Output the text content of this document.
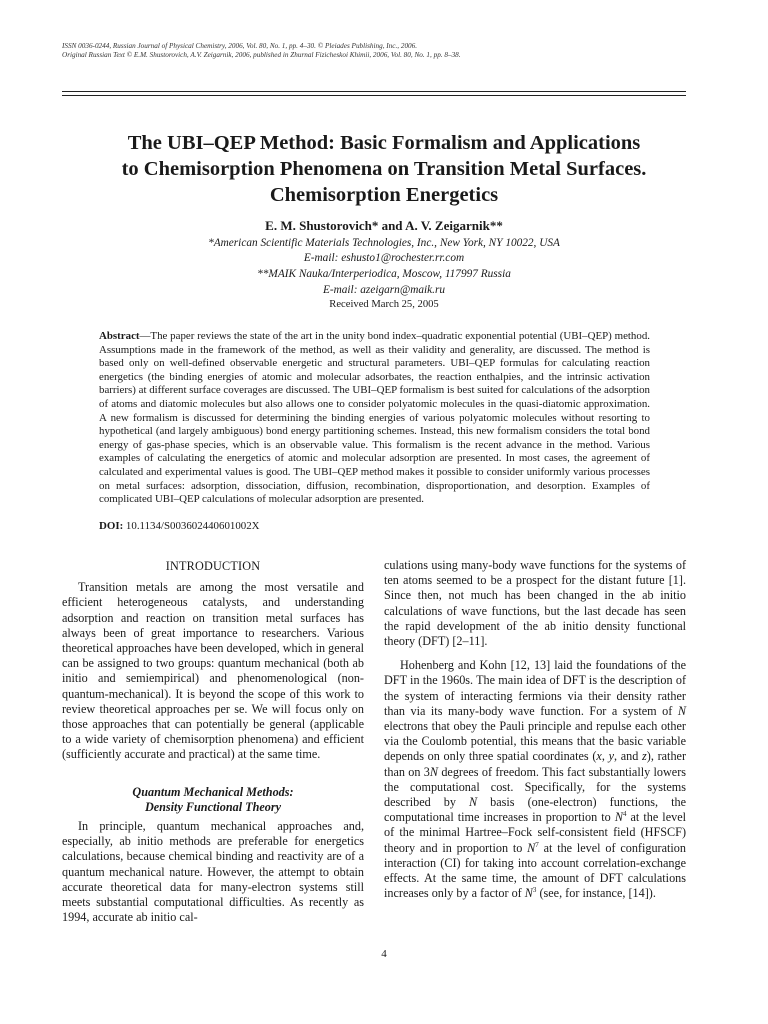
ISSN 0036-0244, Russian Journal of Physical Chemistry, 2006, Vol. 80, No. 1, pp. 4–30. © Pleiades Publishing, Inc., 2006.
Original Russian Text © E.M. Shustorovich, A.V. Zeigarnik, 2006, published in Zhurnal Fizicheskoi Khimii, 2006, Vol. 80, No. 1, pp. 8–38.
The UBI–QEP Method: Basic Formalism and Applications
to Chemisorption Phenomena on Transition Metal Surfaces.
Chemisorption Energetics
E. M. Shustorovich* and A. V. Zeigarnik**
*American Scientific Materials Technologies, Inc., New York, NY 10022, USA
E-mail: eshusto1@rochester.rr.com
**MAIK Nauka/Interperiodica, Moscow, 117997 Russia
E-mail: azeigarn@maik.ru
Received March 25, 2005
Abstract—The paper reviews the state of the art in the unity bond index–quadratic exponential potential (UBI–QEP) method. Assumptions made in the framework of the method, as well as their validity and generality, are discussed. The method is based only on well-defined observable energetic and structural parameters. UBI–QEP formulas for calculating reaction energetics (the binding energies of atomic and molecular adsorbates, the reaction enthalpies, and the intrinsic activation barriers) at different surface coverages are discussed. The UBI–QEP formalism is best suited for calculations of the adsorption of atoms and diatomic molecules but also allows one to consider polyatomic molecules in the quasi-diatomic approximation. A new formalism is discussed for determining the binding energies of various polyatomic molecules without resorting to hypothetical (and largely ambiguous) bond energy partitioning schemes. Instead, this new formalism considers the total bond energy of gas-phase species, which is an observable value. This formalism is the recent advance in the method. Various examples of calculating the energetics of atomic and molecular adsorption are presented. In most cases, the agreement of calculated and experimental values is good. The UBI–QEP method makes it possible to consider uniformly various processes on metal surfaces: adsorption, dissociation, diffusion, recombination, disproportionation, and desorption. Examples of complicated UBI–QEP calculations of molecular adsorption are presented.
DOI: 10.1134/S003602440601002X
INTRODUCTION

Transition metals are among the most versatile and efficient heterogeneous catalysts, and understanding adsorption and reaction on transition metal surfaces has always been of great importance to researchers. Various theoretical approaches have been developed, which in general can be assigned to two groups: quantum mechanical (both ab initio and semiempirical) and phenomenological (non-quantum-mechanical). It is beyond the scope of this work to review theoretical approaches per se. We will focus only on those approaches that can potentially be general (applicable to a wide variety of chemisorption phenomena) and efficient (sufficiently accurate and practical) at the same time.

Quantum Mechanical Methods:
Density Functional Theory

In principle, quantum mechanical approaches and, especially, ab initio methods are preferable for energetics calculations, because chemical binding and reactivity are of a quantum mechanical nature. However, the attempt to obtain accurate theoretical data for many-electron systems still meets substantial computational difficulties. As recently as 1994, accurate ab initio cal-

culations using many-body wave functions for the systems of ten atoms seemed to be a prospect for the distant future [1]. Since then, not much has been changed in the ab initio calculations of wave functions, but the last decade has seen the rapid development of the ab initio density functional theory (DFT) [2–11].

Hohenberg and Kohn [12, 13] laid the foundations of the DFT in the 1960s. The main idea of DFT is the description of the system of interacting fermions via their density rather than via its many-body wave function. For a system of N electrons that obey the Pauli principle and repulse each other via the Coulomb potential, this means that the basic variable depends on only three spatial coordinates (x, y, and z), rather than on 3N degrees of freedom. This fact substantially lowers the computational cost. Specifically, for the systems described by N basis (one-electron) functions, the computational time increases in proportion to $N^4$ at the level of the minimal Hartree–Fock self-consistent field (HFSCF) theory and in proportion to $N^7$ at the level of configuration interaction (CI) for taking into account correlation-exchange effects. At the same time, the amount of DFT calculations increases only by a factor of $N^3$ (see, for instance, [14]).

4
